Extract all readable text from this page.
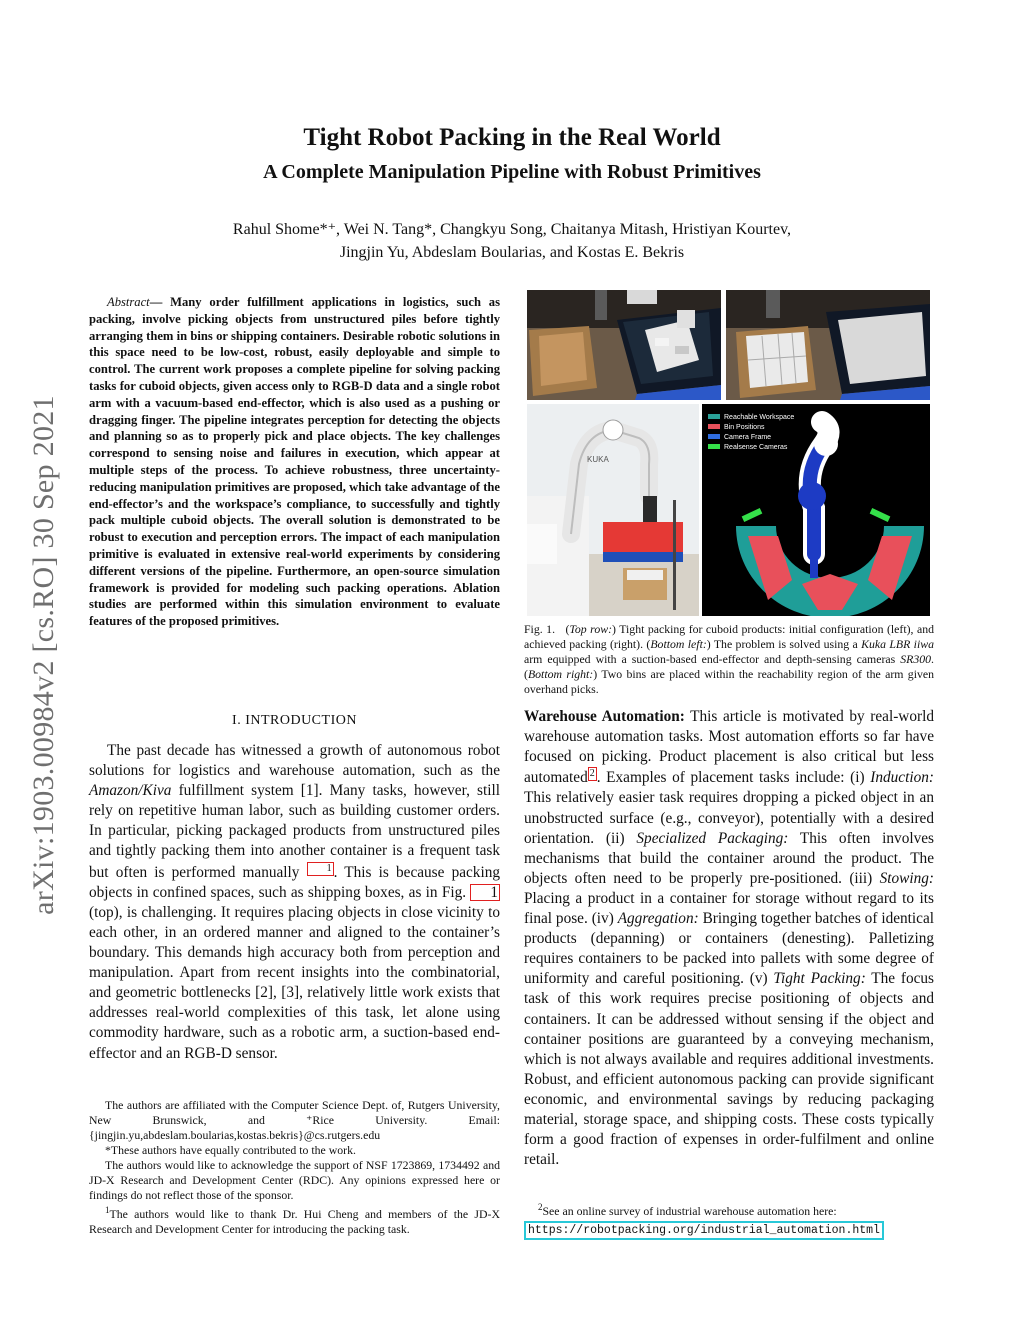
arXiv:1903.00984v2 [cs.RO] 30 Sep 2021
Tight Robot Packing in the Real World
A Complete Manipulation Pipeline with Robust Primitives
Rahul Shome*⁺, Wei N. Tang*, Changkyu Song, Chaitanya Mitash, Hristiyan Kourtev,
Jingjin Yu, Abdeslam Boularias, and Kostas E. Bekris
Abstract— Many order fulfillment applications in logistics, such as packing, involve picking objects from unstructured piles before tightly arranging them in bins or shipping containers. Desirable robotic solutions in this space need to be low-cost, robust, easily deployable and simple to control. The current work proposes a complete pipeline for solving packing tasks for cuboid objects, given access only to RGB-D data and a single robot arm with a vacuum-based end-effector, which is also used as a pushing or dragging finger. The pipeline integrates perception for detecting the objects and planning so as to properly pick and place objects. The key challenges correspond to sensing noise and failures in execution, which appear at multiple steps of the process. To achieve robustness, three uncertainty-reducing manipulation primitives are proposed, which take advantage of the end-effector’s and the workspace’s compliance, to successfully and tightly pack multiple cuboid objects. The overall solution is demonstrated to be robust to execution and perception errors. The impact of each manipulation primitive is evaluated in extensive real-world experiments by considering different versions of the pipeline. Furthermore, an open-source simulation framework is provided for modeling such packing operations. Ablation studies are performed within this simulation environment to evaluate features of the proposed primitives.
I. INTRODUCTION
The past decade has witnessed a growth of autonomous robot solutions for logistics and warehouse automation, such as the Amazon/Kiva fulfillment system [1]. Many tasks, however, still rely on repetitive human labor, such as building customer orders. In particular, picking packaged products from unstructured piles and tightly packing them into another container is a frequent task but often is performed manually 1 . This is because packing objects in confined spaces, such as shipping boxes, as in Fig. 1 (top), is challenging. It requires placing objects in close vicinity to each other, in an ordered manner and aligned to the container’s boundary. This demands high accuracy both from perception and manipulation. Apart from recent insights into the combinatorial, and geometric bottlenecks [2], [3], relatively little work exists that addresses real-world complexities of this task, let alone using commodity hardware, such as a robotic arm, a suction-based end-effector and an RGB-D sensor.

The authors are affiliated with the Computer Science Dept. of, Rutgers University, New Brunswick, and ⁺Rice University. Email:{jingjin.yu,abdeslam.boularias,kostas.bekris}@cs.rutgers.edu

*These authors have equally contributed to the work.

The authors would like to acknowledge the support of NSF 1723869, 1734492 and JD-X Research and Development Center (RDC). Any opinions expressed here or findings do not reflect those of the sponsor.

$^1$The authors would like to thank Dr. Hui Cheng and members of the JD-X Research and Development Center for introducing the packing task.

KUKA
Reachable Workspace
Bin Positions
Camera Frame
Realsense Cameras
Fig. 1.   (Top row:) Tight packing for cuboid products: initial configuration (left), and achieved packing (right). (Bottom left:) The problem is solved using a Kuka LBR iiwa arm equipped with a suction-based end-effector and depth-sensing cameras SR300. (Bottom right:) Two bins are placed within the reachability region of the arm given overhand picks.
Warehouse Automation: This article is motivated by real-world warehouse automation tasks. Most automation efforts so far have focused on picking. Product placement is also critical but less automated 2 . Examples of placement tasks include: (i) Induction: This relatively easier task requires dropping a picked object in an unobstructed surface (e.g., conveyor), potentially with a desired orientation. (ii) Specialized Packaging: This often involves mechanisms that build the container around the product. The objects often need to be properly pre-positioned. (iii) Stowing: Placing a product in a container for storage without regard to its final pose. (iv) Aggregation: Bringing together batches of identical products (depanning) or containers (denesting). Palletizing requires containers to be packed into pallets with some degree of uniformity and careful positioning. (v) Tight Packing: The focus task of this work requires precise positioning of objects and containers. It can be addressed without sensing if the object and container positions are guaranteed by a conveying mechanism, which is not always available and requires additional investments. Robust, and efficient autonomous packing can provide significant economic, and environmental savings by reducing packaging material, storage space, and shipping costs. These costs typically form a good fraction of expenses in order-fulfilment and online retail.
$^2$See an online survey of industrial warehouse automation here:
https://robotpacking.org/industrial_automation.html
